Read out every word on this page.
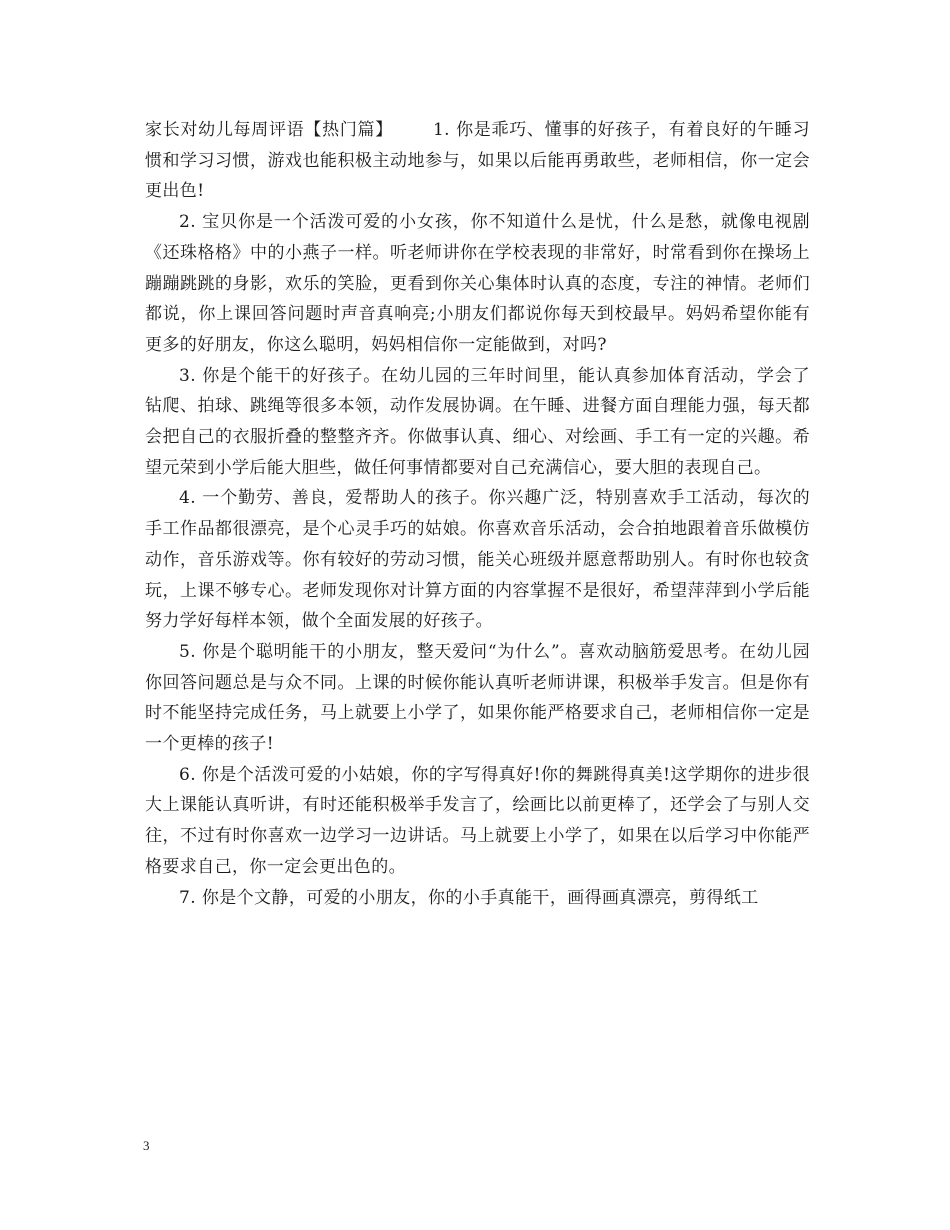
家长对幼儿每周评语【热门篇】 1. 你是乖巧、懂事的好孩子，有着良好的午睡习惯和学习习惯，游戏也能积极主动地参与，如果以后能再勇敢些，老师相信，你一定会更出色!

2. 宝贝你是一个活泼可爱的小女孩，你不知道什么是忧，什么是愁，就像电视剧《还珠格格》中的小燕子一样。听老师讲你在学校表现的非常好，时常看到你在操场上蹦蹦跳跳的身影，欢乐的笑脸，更看到你关心集体时认真的态度，专注的神情。老师们都说，你上课回答问题时声音真响亮;小朋友们都说你每天到校最早。妈妈希望你能有更多的好朋友，你这么聪明，妈妈相信你一定能做到，对吗?

3. 你是个能干的好孩子。在幼儿园的三年时间里，能认真参加体育活动，学会了钻爬、拍球、跳绳等很多本领，动作发展协调。在午睡、进餐方面自理能力强，每天都会把自己的衣服折叠的整整齐齐。你做事认真、细心、对绘画、手工有一定的兴趣。希望元荣到小学后能大胆些，做任何事情都要对自己充满信心，要大胆的表现自己。

4. 一个勤劳、善良，爱帮助人的孩子。你兴趣广泛，特别喜欢手工活动，每次的手工作品都很漂亮，是个心灵手巧的姑娘。你喜欢音乐活动，会合拍地跟着音乐做模仿动作，音乐游戏等。你有较好的劳动习惯，能关心班级并愿意帮助别人。有时你也较贪玩，上课不够专心。老师发现你对计算方面的内容掌握不是很好，希望萍萍到小学后能努力学好每样本领，做个全面发展的好孩子。

5. 你是个聪明能干的小朋友，整天爱问“为什么”。喜欢动脑筋爱思考。在幼儿园你回答问题总是与众不同。上课的时候你能认真听老师讲课，积极举手发言。但是你有时不能坚持完成任务，马上就要上小学了，如果你能严格要求自己，老师相信你一定是一个更棒的孩子!

6. 你是个活泼可爱的小姑娘，你的字写得真好!你的舞跳得真美!这学期你的进步很大上课能认真听讲，有时还能积极举手发言了，绘画比以前更棒了，还学会了与别人交往，不过有时你喜欢一边学习一边讲话。马上就要上小学了，如果在以后学习中你能严格要求自己，你一定会更出色的。

7. 你是个文静，可爱的小朋友，你的小手真能干，画得画真漂亮，剪得纸工

3
